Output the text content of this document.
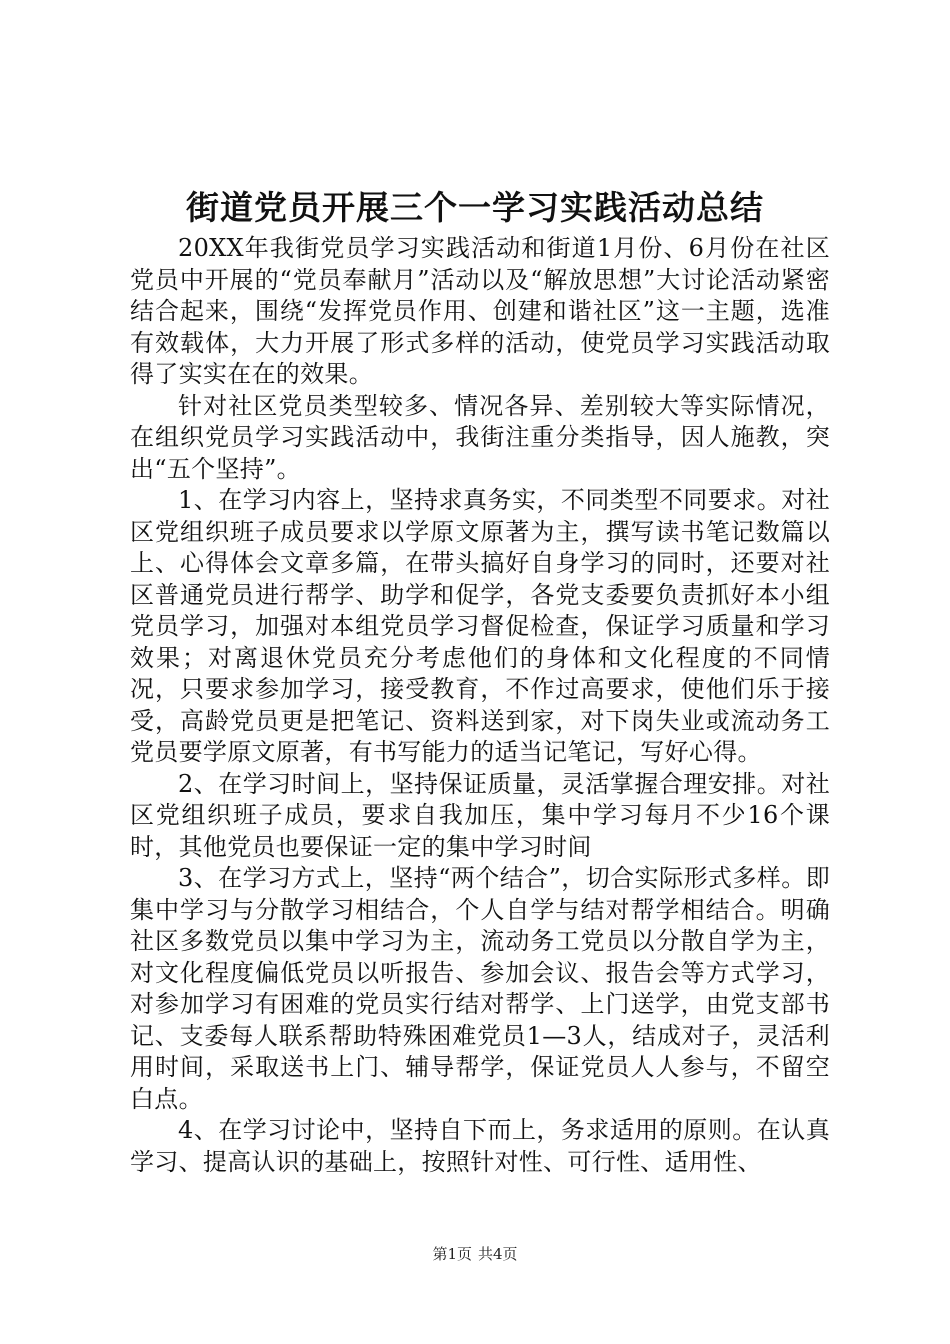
街道党员开展三个一学习实践活动总结

20XX年我街党员学习实践活动和街道1月份、6月份在社区党员中开展的“党员奉献月”活动以及“解放思想”大讨论活动紧密结合起来，围绕“发挥党员作用、创建和谐社区”这一主题，选准有效载体，大力开展了形式多样的活动，使党员学习实践活动取得了实实在在的效果。

针对社区党员类型较多、情况各异、差别较大等实际情况，在组织党员学习实践活动中，我街注重分类指导，因人施教，突出“五个坚持”。

1、在学习内容上，坚持求真务实，不同类型不同要求。对社区党组织班子成员要求以学原文原著为主，撰写读书笔记数篇以上、心得体会文章多篇，在带头搞好自身学习的同时，还要对社区普通党员进行帮学、助学和促学，各党支委要负责抓好本小组党员学习，加强对本组党员学习督促检查，保证学习质量和学习效果；对离退休党员充分考虑他们的身体和文化程度的不同情况，只要求参加学习，接受教育，不作过高要求，使他们乐于接受，高龄党员更是把笔记、资料送到家，对下岗失业或流动务工党员要学原文原著，有书写能力的适当记笔记，写好心得。

2、在学习时间上，坚持保证质量，灵活掌握合理安排。对社区党组织班子成员，要求自我加压，集中学习每月不少16个课时，其他党员也要保证一定的集中学习时间

3、在学习方式上，坚持“两个结合”，切合实际形式多样。即集中学习与分散学习相结合，个人自学与结对帮学相结合。明确社区多数党员以集中学习为主，流动务工党员以分散自学为主，对文化程度偏低党员以听报告、参加会议、报告会等方式学习，对参加学习有困难的党员实行结对帮学、上门送学，由党支部书记、支委每人联系帮助特殊困难党员1—3人，结成对子，灵活利用时间，采取送书上门、辅导帮学，保证党员人人参与，不留空白点。

4、在学习讨论中，坚持自下而上，务求适用的原则。在认真学习、提高认识的基础上，按照针对性、可行性、适用性、

第1页 共4页
